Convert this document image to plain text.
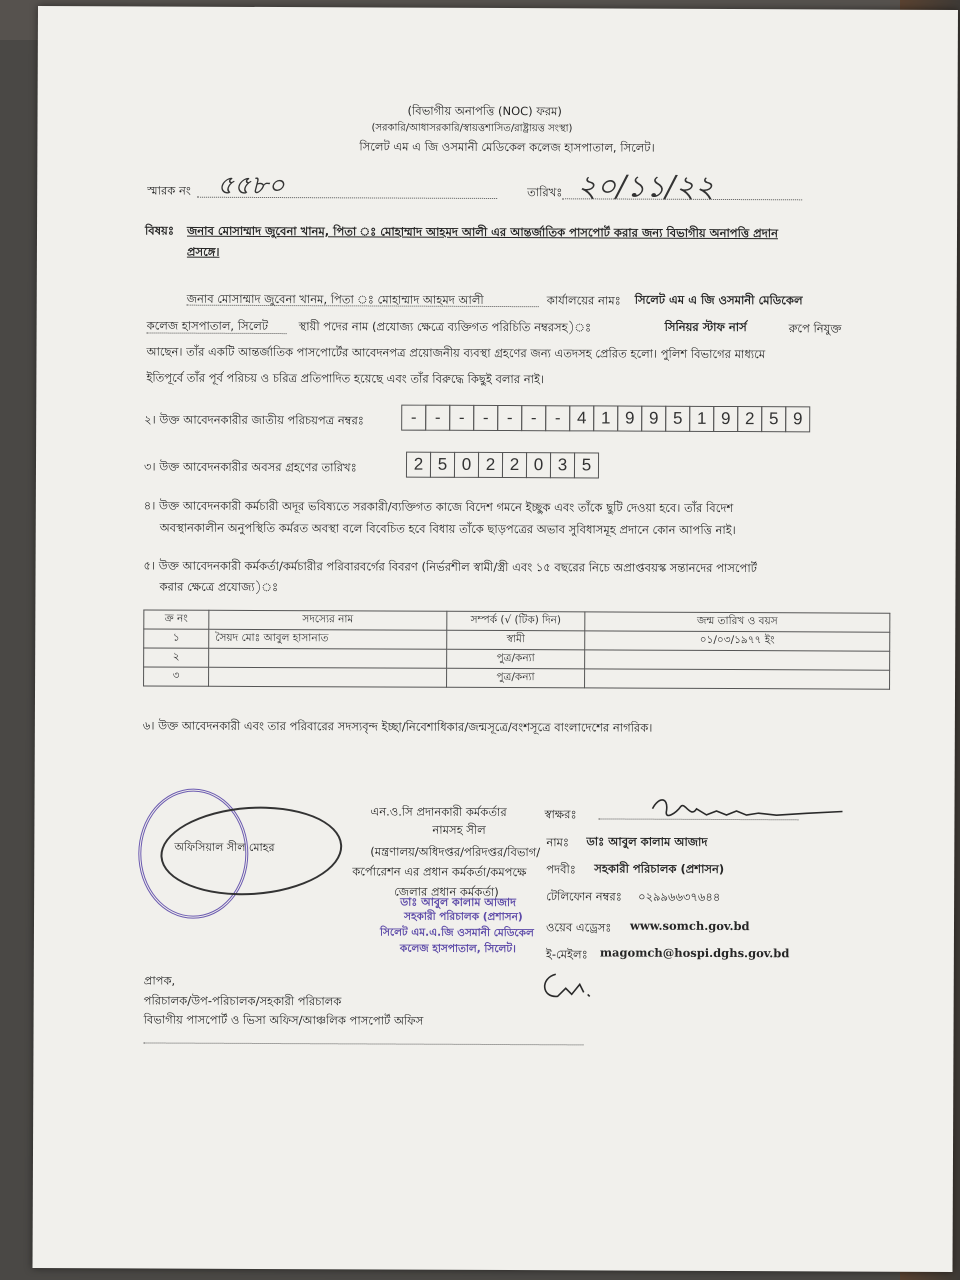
(বিভাগীয় অনাপত্তি (NOC) ফরম)
(সরকারি/আধাসরকারি/স্বায়ত্তশাসিত/রাষ্ট্রায়ত্ত সংস্থা)
সিলেট এম এ জি ওসমানী মেডিকেল কলেজ হাসপাতাল, সিলেট।
স্মারক নং ৫৫৮০	তারিখঃ ২০/১১/২২
বিষয়ঃ জনাব মোসাম্মাদ জুবেনা খানম, পিতা ঃ মোহাম্মাদ আহমদ আলী এর আন্তর্জাতিক পাসপোর্ট করার জন্য বিভাগীয় অনাপত্তি প্রদান
প্রসঙ্গে।
জনাব মোসাম্মাদ জুবেনা খানম, পিতা ঃ মোহাম্মাদ আহমদ আলী	কার্যালয়ের নামঃ সিলেট এম এ জি ওসমানী মেডিকেল
কলেজ হাসপাতাল, সিলেট	স্থায়ী পদের নাম (প্রযোজ্য ক্ষেত্রে ব্যক্তিগত পরিচিতি নম্বরসহ)ঃ	সিনিয়র স্টাফ নার্স	রুপে নিযুক্ত
আছেন। তাঁর একটি আন্তর্জাতিক পাসপোর্টের আবেদনপত্র প্রয়োজনীয় ব্যবস্থা গ্রহণের জন্য এতদসহ প্রেরিত হলো। পুলিশ বিভাগের মাধ্যমে
ইতিপূর্বে তাঁর পূর্ব পরিচয় ও চরিত্র প্রতিপাদিত হয়েছে এবং তাঁর বিরুদ্ধে কিছুই বলার নাই।
২। উক্ত আবেদনকারীর জাতীয় পরিচয়পত্র নম্বরঃ	-	-	-	-	-	-	- 4 1 9 9 5 1 9 2 5 9
৩। উক্ত আবেদনকারীর অবসর গ্রহণের তারিখঃ	2 5 0 2 2 0 3 5
৪। উক্ত আবেদনকারী কর্মচারী অদূর ভবিষ্যতে সরকারী/ব্যক্তিগত কাজে বিদেশ গমনে ইচ্ছুক এবং তাঁকে ছুটি দেওয়া হবে। তাঁর বিদেশ
অবস্থানকালীন অনুপস্থিতি কর্মরত অবস্থা বলে বিবেচিত হবে বিধায় তাঁকে ছাড়পত্রের অভাব সুবিধাসমূহ প্রদানে কোন আপত্তি নাই।
৫। উক্ত আবেদনকারী কর্মকর্তা/কর্মচারীর পরিবারবর্গের বিবরণ (নির্ভরশীল স্বামী/স্ত্রী এবং ১৫ বছরের নিচে অপ্রাপ্তবয়স্ক সন্তানদের পাসপোর্ট
করার ক্ষেত্রে প্রযোজ্য)ঃ
ক্র নং	সদস্যের নাম	সম্পর্ক (√ (টিক) দিন)	জন্ম তারিখ ও বয়স
১	সৈয়দ মোঃ আবুল হাসানাত	স্বামী	০১/০৩/১৯৭৭ ইং
২		পুত্র/কন্যা	
৩		পুত্র/কন্যা	
৬। উক্ত আবেদনকারী এবং তার পরিবারের সদস্যবৃন্দ ইচ্ছা/নিবেশাধিকার/জন্মসূত্রে/বংশসূত্রে বাংলাদেশের নাগরিক।
অফিসিয়াল সীল মোহর
এন.ও.সি প্রদানকারী কর্মকর্তার
নামসহ সীল
(মন্ত্রণালয়/অধিদপ্তর/পরিদপ্তর/বিভাগ/
কর্পোরেশন এর প্রধান কর্মকর্তা/কমপক্ষে
জেলার প্রধান কর্মকর্তা)
ডাঃ আবুল কালাম আজাদ
সহকারী পরিচালক (প্রশাসন)
সিলেট এম.এ.জি ওসমানী মেডিকেল
কলেজ হাসপাতাল, সিলেট।
স্বাক্ষরঃ
নামঃ ডাঃ আবুল কালাম আজাদ
পদবীঃ সহকারী পরিচালক (প্রশাসন)
টেলিফোন নম্বরঃ ০২৯৯৬৬৩৭৬৪৪
ওয়েব এড্রেসঃ www.somch.gov.bd
ই-মেইলঃ magomch@hospi.dghs.gov.bd
প্রাপক,
পরিচালক/উপ-পরিচালক/সহকারী পরিচালক
বিভাগীয় পাসপোর্ট ও ভিসা অফিস/আঞ্চলিক পাসপোর্ট অফিস
